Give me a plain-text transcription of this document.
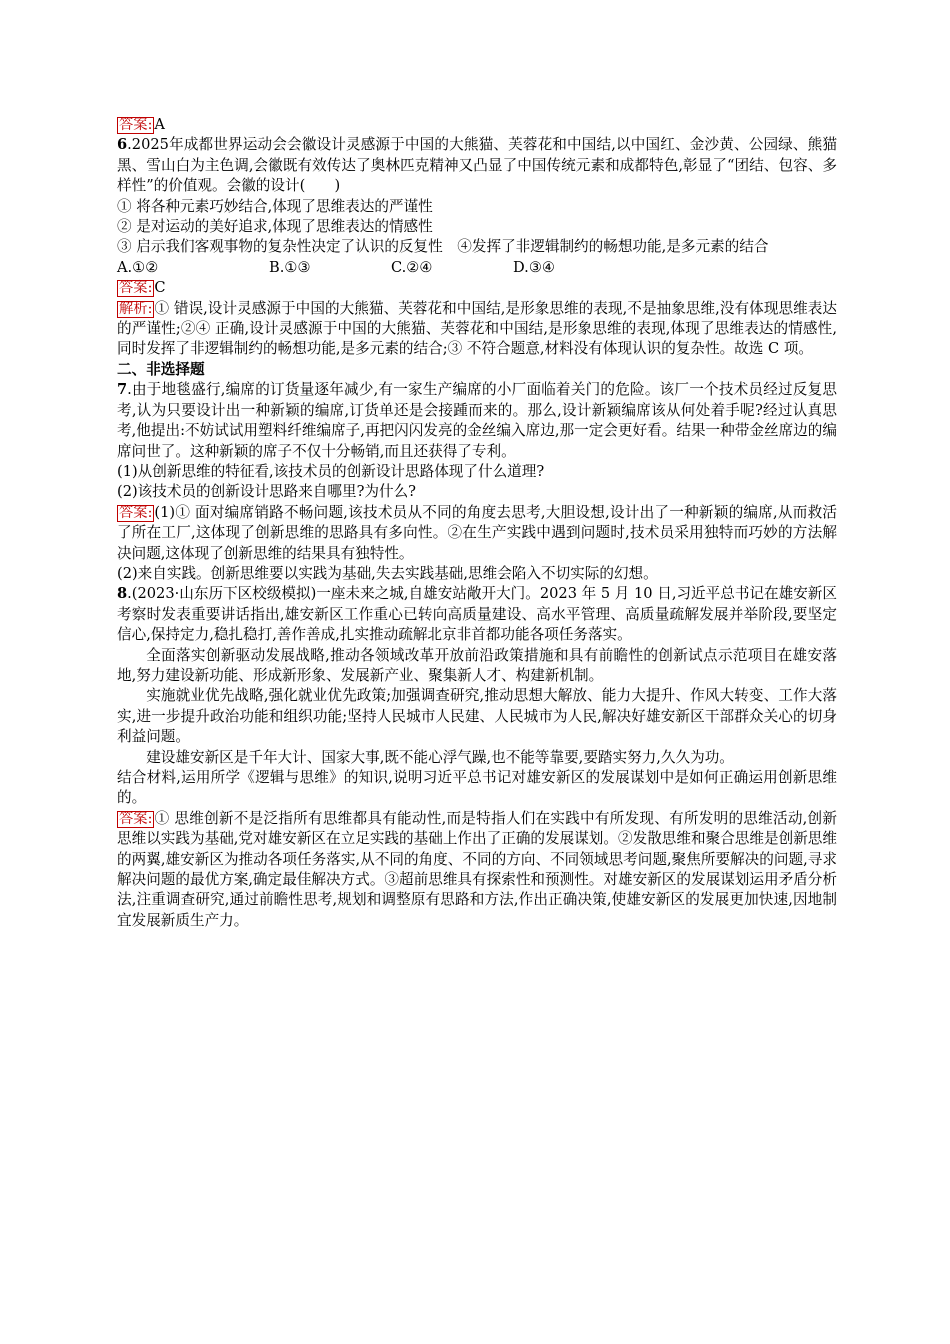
答案: A

6.2025年成都世界运动会会徽设计灵感源于中国的大熊猫、芙蓉花和中国结,以中国红、金沙黄、公园绿、熊猫黑、雪山白为主色调,会徽既有效传达了奥林匹克精神又凸显了中国传统元素和成都特色,彰显了“团结、包容、多样性”的价值观。会徽的设计(　　)

① 将各种元素巧妙结合,体现了思维表达的严谨性

② 是对运动的美好追求,体现了思维表达的情感性

③ 启示我们客观事物的复杂性决定了认识的反复性　④发挥了非逻辑制约的畅想功能,是多元素的结合

A.①②	B.①③	C.②④	D.③④

答案: C

解析: ① 错误,设计灵感源于中国的大熊猫、芙蓉花和中国结,是形象思维的表现,不是抽象思维,没有体现思维表达的严谨性;②④ 正确,设计灵感源于中国的大熊猫、芙蓉花和中国结,是形象思维的表现,体现了思维表达的情感性,同时发挥了非逻辑制约的畅想功能,是多元素的结合;③ 不符合题意,材料没有体现认识的复杂性。故选 C 项。

二、非选择题

7.由于地毯盛行,编席的订货量逐年减少,有一家生产编席的小厂面临着关门的危险。该厂一个技术员经过反复思考,认为只要设计出一种新颖的编席,订货单还是会接踵而来的。那么,设计新颖编席该从何处着手呢?经过认真思考,他提出:不妨试试用塑料纤维编席子,再把闪闪发亮的金丝编入席边,那一定会更好看。结果一种带金丝席边的编席问世了。这种新颖的席子不仅十分畅销,而且还获得了专利。

(1)从创新思维的特征看,该技术员的创新设计思路体现了什么道理?

(2)该技术员的创新设计思路来自哪里?为什么?

答案: (1)① 面对编席销路不畅问题,该技术员从不同的角度去思考,大胆设想,设计出了一种新颖的编席,从而救活了所在工厂,这体现了创新思维的思路具有多向性。②在生产实践中遇到问题时,技术员采用独特而巧妙的方法解决问题,这体现了创新思维的结果具有独特性。

(2)来自实践。创新思维要以实践为基础,失去实践基础,思维会陷入不切实际的幻想。

8.(2023·山东历下区校级模拟)一座未来之城,自雄安站敞开大门。2023 年 5 月 10 日,习近平总书记在雄安新区考察时发表重要讲话指出,雄安新区工作重心已转向高质量建设、高水平管理、高质量疏解发展并举阶段,要坚定信心,保持定力,稳扎稳打,善作善成,扎实推动疏解北京非首都功能各项任务落实。

全面落实创新驱动发展战略,推动各领域改革开放前沿政策措施和具有前瞻性的创新试点示范项目在雄安落地,努力建设新功能、形成新形象、发展新产业、聚集新人才、构建新机制。

实施就业优先战略,强化就业优先政策;加强调查研究,推动思想大解放、能力大提升、作风大转变、工作大落实,进一步提升政治功能和组织功能;坚持人民城市人民建、人民城市为人民,解决好雄安新区干部群众关心的切身利益问题。

建设雄安新区是千年大计、国家大事,既不能心浮气躁,也不能等靠要,要踏实努力,久久为功。

结合材料,运用所学《逻辑与思维》的知识,说明习近平总书记对雄安新区的发展谋划中是如何正确运用创新思维的。

答案: ① 思维创新不是泛指所有思维都具有能动性,而是特指人们在实践中有所发现、有所发明的思维活动,创新思维以实践为基础,党对雄安新区在立足实践的基础上作出了正确的发展谋划。②发散思维和聚合思维是创新思维的两翼,雄安新区为推动各项任务落实,从不同的角度、不同的方向、不同领域思考问题,聚焦所要解决的问题,寻求解决问题的最优方案,确定最佳解决方式。③超前思维具有探索性和预测性。对雄安新区的发展谋划运用矛盾分析法,注重调查研究,通过前瞻性思考,规划和调整原有思路和方法,作出正确决策,使雄安新区的发展更加快速,因地制宜发展新质生产力。
